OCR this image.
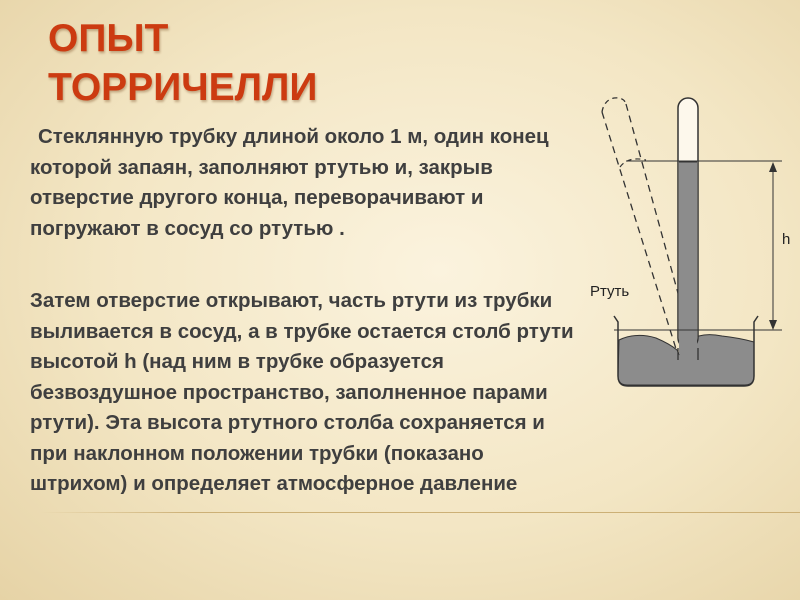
ОПЫТ
ТОРРИЧЕЛЛИ

Стеклянную трубку длиной около 1 м, один конец которой запаян, заполняют ртутью и, закрыв отверстие другого конца, переворачивают и погружают в сосуд со ртутью .

Затем отверстие открывают, часть ртути из трубки выливается в сосуд, а в трубке остается столб ртути высотой h (над ним в трубке образуется безвоздушное пространство, заполненное парами ртути). Эта высота ртутного столба сохраняется и при наклонном положении трубки (показано штрихом) и определяет атмосферное давление

h
Ртуть
